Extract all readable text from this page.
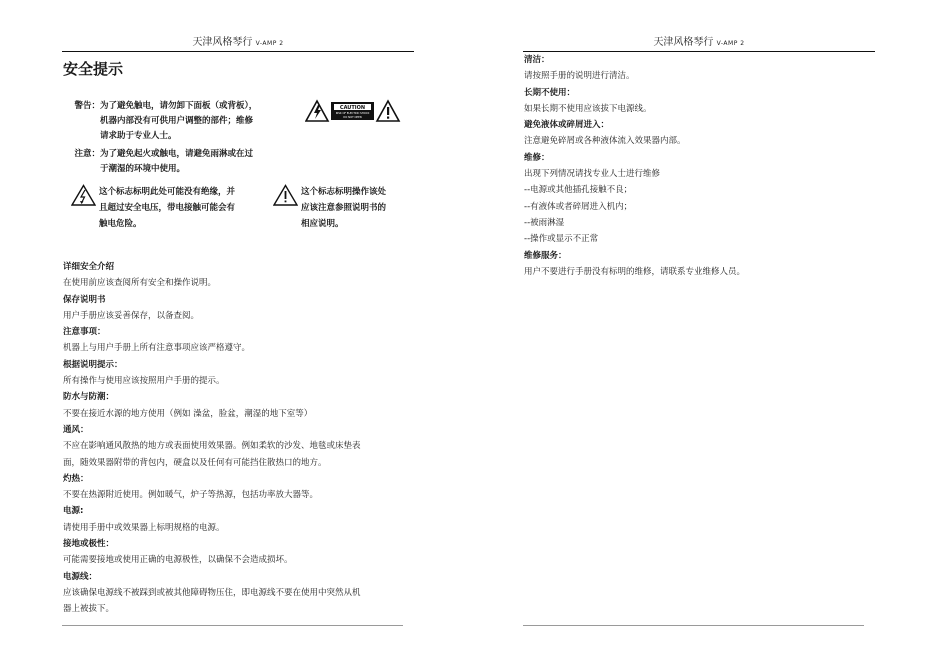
天津风格琴行 V-AMP 2
安全提示
警告： 为了避免触电，请勿卸下面板（或背板），
机器内部没有可供用户调整的部件；维修
请求助于专业人士。
注意： 为了避免起火或触电，请避免雨淋或在过
于潮湿的环境中使用。
CAUTION
RISK OF ELECTRIC SHOCK
DO NOT OPEN
这个标志标明此处可能没有绝缘，并
且超过安全电压，带电接触可能会有
触电危险。
这个标志标明操作该处
应该注意参照说明书的
相应说明。
详细安全介绍
在使用前应该查阅所有安全和操作说明。
保存说明书
用户手册应该妥善保存，以备查阅。
注意事项：
机器上与用户手册上所有注意事项应该严格遵守。
根据说明提示：
所有操作与使用应该按照用户手册的提示。
防水与防潮：
不要在接近水源的地方使用（例如 澡盆，脸盆，潮湿的地下室等）
通风：
不应在影响通风散热的地方或表面使用效果器。例如柔软的沙发、地毯或床垫表
面，随效果器附带的背包内，硬盒以及任何有可能挡住散热口的地方。
灼热：
不要在热源附近使用。例如暖气，炉子等热源，包括功率放大器等。
电源:
请使用手册中或效果器上标明规格的电源。
接地或极性：
可能需要接地或使用正确的电源极性，以确保不会造成损坏。
电源线：
应该确保电源线不被踩到或被其他障碍物压住，即电源线不要在使用中突然从机
器上被拔下。
天津风格琴行 V-AMP 2
清洁：
请按照手册的说明进行清洁。
长期不使用：
如果长期不使用应该拔下电源线。
避免液体或碎屑进入：
注意避免碎屑或各种液体流入效果器内部。
维修：
出现下列情况请找专业人士进行维修
--电源或其他插孔接触不良；
--有液体或者碎屑进入机内；
--被雨淋湿
--操作或显示不正常
维修服务：
用户不要进行手册没有标明的维修，请联系专业维修人员。
